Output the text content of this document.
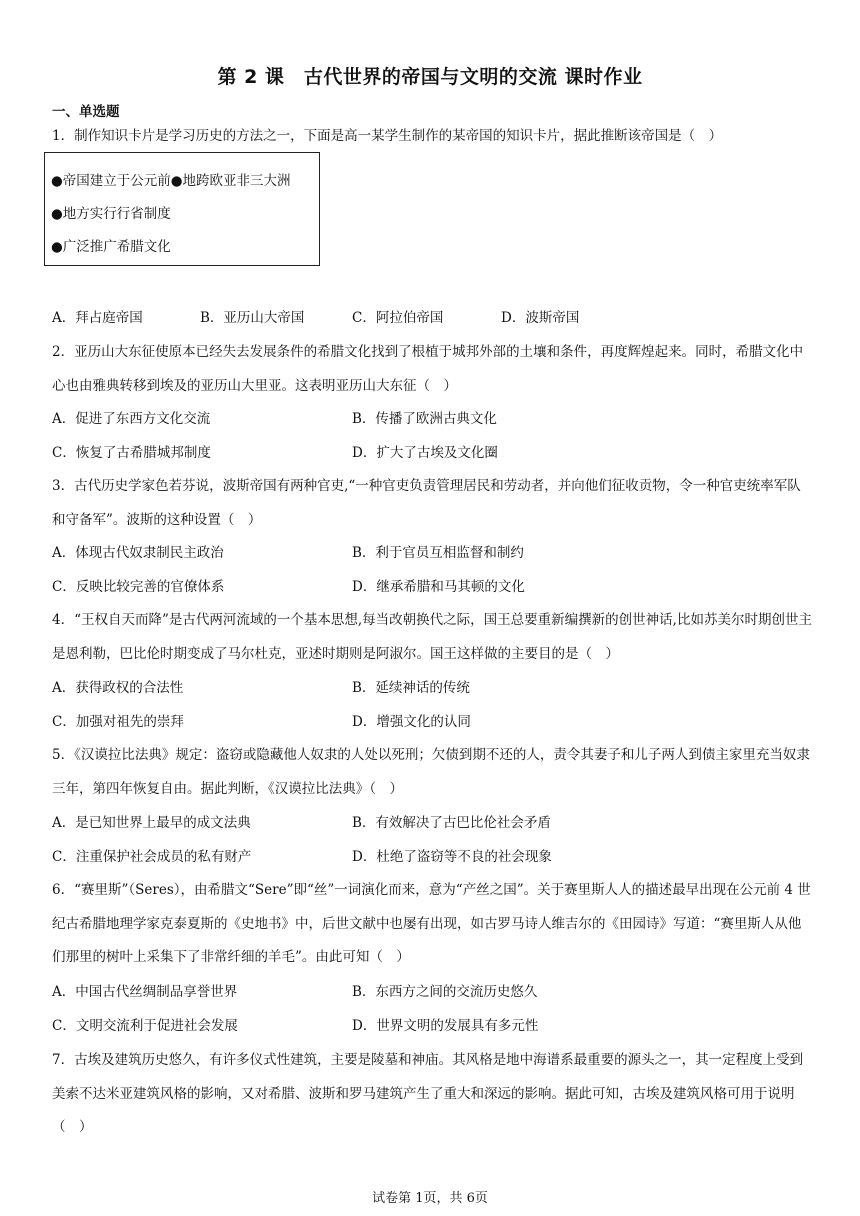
第 2 课　古代世界的帝国与文明的交流 课时作业
一、单选题
1．制作知识卡片是学习历史的方法之一，下面是高一某学生制作的某帝国的知识卡片，据此推断该帝国是（　）
●帝国建立于公元前●地跨欧亚非三大洲
●地方实行行省制度
●广泛推广希腊文化
A．拜占庭帝国	B．亚历山大帝国	C．阿拉伯帝国	D．波斯帝国
2．亚历山大东征使原本已经失去发展条件的希腊文化找到了根植于城邦外部的土壤和条件，再度辉煌起来。同时，希腊文化中心也由雅典转移到埃及的亚历山大里亚。这表明亚历山大东征（　）
A．促进了东西方文化交流	B．传播了欧洲古典文化
C．恢复了古希腊城邦制度	D．扩大了古埃及文化圈
3．古代历史学家色若芬说，波斯帝国有两种官吏,“一种官吏负责管理居民和劳动者，并向他们征收贡物，令一种官吏统率军队和守备军”。波斯的这种设置（　）
A．体现古代奴隶制民主政治	B．利于官员互相监督和制约
C．反映比较完善的官僚体系	D．继承希腊和马其顿的文化
4．“王权自天而降”是古代两河流域的一个基本思想,每当改朝换代之际，国王总要重新编撰新的创世神话,比如苏美尔时期创世主是恩利勒，巴比伦时期变成了马尔杜克，亚述时期则是阿淑尔。国王这样做的主要目的是（　）
A．获得政权的合法性	B．延续神话的传统
C．加强对祖先的崇拜	D．增强文化的认同
5．《汉谟拉比法典》规定：盗窃或隐藏他人奴隶的人处以死刑；欠债到期不还的人，责令其妻子和儿子两人到债主家里充当奴隶三年，第四年恢复自由。据此判断，《汉谟拉比法典》（　）
A．是已知世界上最早的成文法典	B．有效解决了古巴比伦社会矛盾
C．注重保护社会成员的私有财产	D．杜绝了盗窃等不良的社会现象
6．“赛里斯”（Seres），由希腊文“Sere”即“丝”一词演化而来，意为“产丝之国”。关于赛里斯人人的描述最早出现在公元前 4 世纪古希腊地理学家克泰夏斯的《史地书》中，后世文献中也屡有出现，如古罗马诗人维吉尔的《田园诗》写道：“赛里斯人从他们那里的树叶上采集下了非常纤细的羊毛”。由此可知（　）
A．中国古代丝绸制品享誉世界	B．东西方之间的交流历史悠久
C．文明交流利于促进社会发展	D．世界文明的发展具有多元性
7．古埃及建筑历史悠久，有许多仪式性建筑，主要是陵墓和神庙。其风格是地中海谱系最重要的源头之一，其一定程度上受到美索不达米亚建筑风格的影响，又对希腊、波斯和罗马建筑产生了重大和深远的影响。据此可知，古埃及建筑风格可用于说明（　）
试卷第 1页，共 6页
